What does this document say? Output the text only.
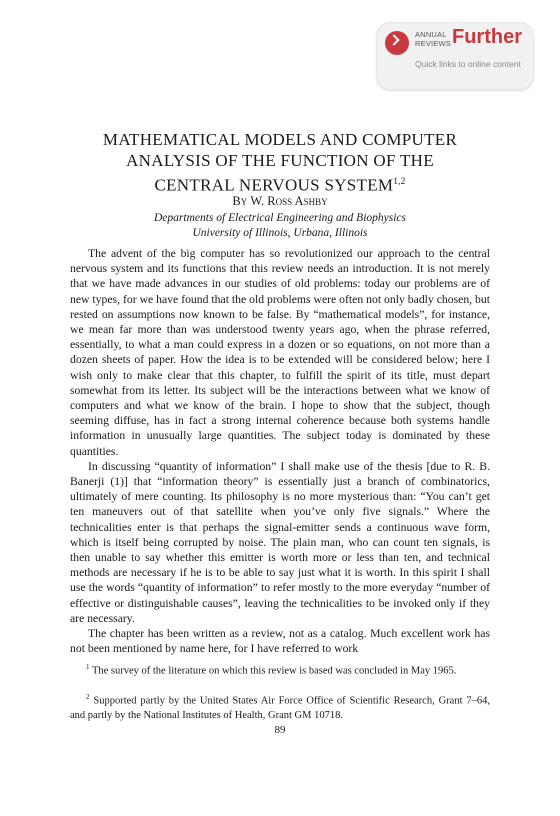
ANNUAL
REVIEWS Further
Quick links to online content
MATHEMATICAL MODELS AND COMPUTER
ANALYSIS OF THE FUNCTION OF THE
CENTRAL NERVOUS SYSTEM$^{1,2}$
By W. Ross Ashby
Departments of Electrical Engineering and Biophysics
University of Illinois, Urbana, Illinois

The advent of the big computer has so revolutionized our approach to the central nervous system and its functions that this review needs an introduction. It is not merely that we have made advances in our studies of old problems: today our problems are of new types, for we have found that the old problems were often not only badly chosen, but rested on assumptions now known to be false. By “mathematical models”, for instance, we mean far more than was understood twenty years ago, when the phrase referred, essentially, to what a man could express in a dozen or so equations, on not more than a dozen sheets of paper. How the idea is to be extended will be considered below; here I wish only to make clear that this chapter, to fulfill the spirit of its title, must depart somewhat from its letter. Its subject will be the interactions between what we know of computers and what we know of the brain. I hope to show that the subject, though seeming diffuse, has in fact a strong internal coherence because both systems handle information in unusually large quantities. The subject today is dominated by these quantities.

In discussing “quantity of information” I shall make use of the thesis [due to R. B. Banerji (1)] that “information theory” is essentially just a branch of combinatorics, ultimately of mere counting. Its philosophy is no more mysterious than: “You can’t get ten maneuvers out of that satellite when you’ve only five signals.” Where the technicalities enter is that perhaps the signal-emitter sends a continuous wave form, which is itself being corrupted by noise. The plain man, who can count ten signals, is then unable to say whether this emitter is worth more or less than ten, and technical methods are necessary if he is to be able to say just what it is worth. In this spirit I shall use the words “quantity of information” to refer mostly to the more everyday “number of effective or distinguishable causes”, leaving the technicalities to be invoked only if they are necessary.

The chapter has been written as a review, not as a catalog. Much excellent work has not been mentioned by name here, for I have referred to work

$^1$ The survey of the literature on which this review is based was concluded in May 1965.

$^2$ Supported partly by the United States Air Force Office of Scientific Research, Grant 7–64, and partly by the National Institutes of Health, Grant GM 10718.

89
